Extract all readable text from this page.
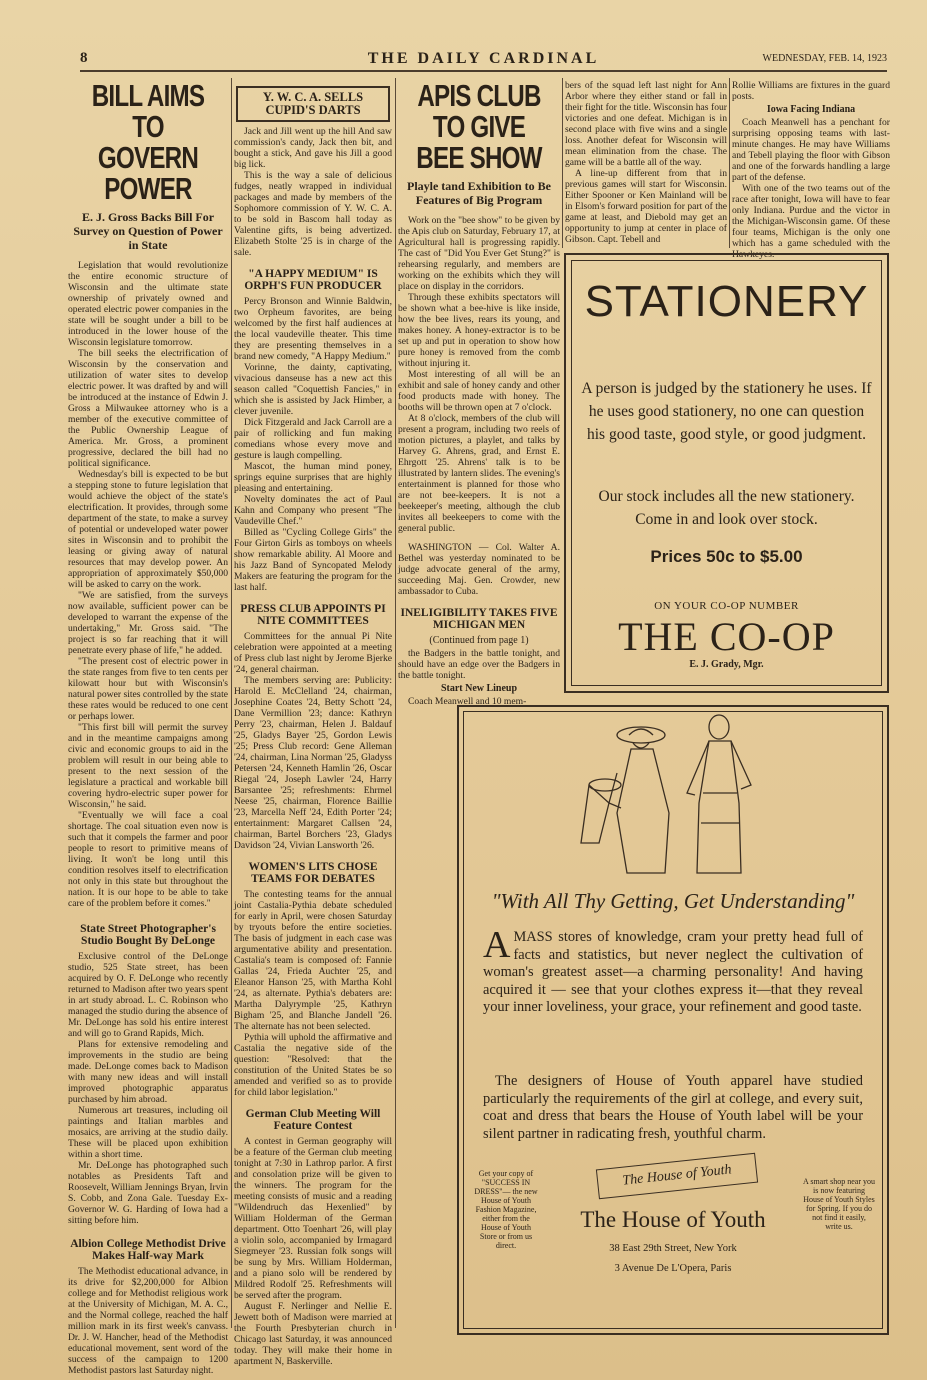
8	THE DAILY CARDINAL	WEDNESDAY, FEB. 14, 1923
BILL AIMS TO GOVERN POWER
E. J. Gross Backs Bill For Survey on Question of Power in State

Legislation that would revolutionize the entire economic structure of Wisconsin and the ultimate state ownership of privately owned and operated electric power companies in the state will be sought under a bill to be introduced in the lower house of the Wisconsin legislature tomorrow.

The bill seeks the electrification of Wisconsin by the conservation and utilization of water sites to develop electric power. It was drafted by and will be introduced at the instance of Edwin J. Gross a Milwaukee attorney who is a member of the executive committee of the Public Ownership League of America. Mr. Gross, a prominent progressive, declared the bill had no political significance.

Wednesday's bill is expected to be but a stepping stone to future legislation that would achieve the object of the state's electrification. It provides, through some department of the state, to make a survey of potential or undeveloped water power sites in Wisconsin and to prohibit the leasing or giving away of natural resources that may develop power. An appropriation of approximately $50,000 will be asked to carry on the work.

"We are satisfied, from the surveys now available, sufficient power can be developed to warrant the expense of the undertaking," Mr. Gross said. "The project is so far reaching that it will penetrate every phase of life," he added.

"The present cost of electric power in the state ranges from five to ten cents per kilowatt hour but with Wisconsin's natural power sites controlled by the state these rates would be reduced to one cent or perhaps lower.

"This first bill will permit the survey and in the meantime campaigns among civic and economic groups to aid in the problem will result in our being able to present to the next session of the legislature a practical and workable bill covering hydro-electric super power for Wisconsin," he said.

"Eventually we will face a coal shortage. The coal situation even now is such that it compels the farmer and poor people to resort to primitive means of living. It won't be long until this condition resolves itself to electrification not only in this state but throughout the nation. It is our hope to be able to take care of the problem before it comes."

State Street Photographer's Studio Bought By DeLonge

Exclusive control of the DeLonge studio, 525 State street, has been acquired by O. F. DeLonge who recently returned to Madison after two years spent in art study abroad. L. C. Robinson who managed the studio during the absence of Mr. DeLonge has sold his entire interest and will go to Grand Rapids, Mich.

Plans for extensive remodeling and improvements in the studio are being made. DeLonge comes back to Madison with many new ideas and will install improved photographic apparatus purchased by him abroad.

Numerous art treasures, including oil paintings and Italian marbles and mosaics, are arriving at the studio daily. These will be placed upon exhibition within a short time.

Mr. DeLonge has photographed such notables as Presidents Taft and Roosevelt, William Jennings Bryan, Irvin S. Cobb, and Zona Gale. Tuesday Ex-Governor W. G. Harding of Iowa had a sitting before him.

Albion College Methodist Drive Makes Half-way Mark

The Methodist educational advance, in its drive for $2,200,000 for Albion college and for Methodist religious work at the University of Michigan, M. A. C., and the Normal college, reached the half million mark in its first week's canvass. Dr. J. W. Hancher, head of the Methodist educational movement, sent word of the success of the campaign to 1200 Methodist pastors last Saturday night.

Y. W. C. A. SELLS CUPID'S DARTS

Jack and Jill went up the hill And saw commission's candy, Jack then bit, and bought a stick, And gave his Jill a good big lick.

This is the way a sale of delicious fudges, neatly wrapped in individual packages and made by members of the Sophomore commission of Y. W. C. A. to be sold in Bascom hall today as Valentine gifts, is being advertized. Elizabeth Stolte '25 is in charge of the sale.

"A HAPPY MEDIUM" IS ORPH'S FUN PRODUCER

Percy Bronson and Winnie Baldwin, two Orpheum favorites, are being welcomed by the first half audiences at the local vaudeville theater. This time they are presenting themselves in a brand new comedy, "A Happy Medium."

Vorinne, the dainty, captivating, vivacious danseuse has a new act this season called "Coquettish Fancies," in which she is assisted by Jack Himber, a clever juvenile.

Dick Fitzgerald and Jack Carroll are a pair of rollicking and fun making comedians whose every move and gesture is laugh compelling.

Mascot, the human mind poney, springs equine surprises that are highly pleasing and entertaining.

Novelty dominates the act of Paul Kahn and Company who present "The Vaudeville Chef."

Billed as "Cycling College Girls" the Four Girton Girls as tomboys on wheels show remarkable ability. Al Moore and his Jazz Band of Syncopated Melody Makers are featuring the program for the last half.

PRESS CLUB APPOINTS PI NITE COMMITTEES

Committees for the annual Pi Nite celebration were appointed at a meeting of Press club last night by Jerome Bjerke '24, general chairman.

The members serving are: Publicity: Harold E. McClelland '24, chairman, Josephine Coates '24, Betty Schott '24, Dane Vermillion '23; dance: Kathryn Perry '23, chairman, Helen J. Baldauf '25, Gladys Bayer '25, Gordon Lewis '25; Press Club record: Gene Alleman '24, chairman, Lina Norman '25, Gladyss Petersen '24, Kenneth Hamlin '26, Oscar Riegal '24, Joseph Lawler '24, Harry Barsantee '25; refreshments: Ehrmel Neese '25, chairman, Florence Baillie '23, Marcella Neff '24, Edith Porter '24; entertainment: Margaret Callsen '24, chairman, Bartel Borchers '23, Gladys Davidson '24, Vivian Lansworth '26.

WOMEN'S LITS CHOSE TEAMS FOR DEBATES

The contesting teams for the annual joint Castalia-Pythia debate scheduled for early in April, were chosen Saturday by tryouts before the entire societies. The basis of judgment in each case was argumentative ability and presentation. Castalia's team is composed of: Fannie Gallas '24, Frieda Auchter '25, and Eleanor Hanson '25, with Martha Kohl '24, as alternate. Pythia's debaters are: Martha Dalyrymple '25, Kathryn Bigham '25, and Blanche Jandell '26. The alternate has not been selected.

Pythia will uphold the affirmative and Castalia the negative side of the question: "Resolved: that the constitution of the United States be so amended and verified so as to provide for child labor legislation."

German Club Meeting Will Feature Contest

A contest in German geography will be a feature of the German club meeting tonight at 7:30 in Lathrop parlor. A first and consolation prize will be given to the winners. The program for the meeting consists of music and a reading "Wildendruch das Hexenlied" by William Holderman of the German department. Otto Toenhart '26, will play a violin solo, accompanied by Irmagard Siegmeyer '23. Russian folk songs will be sung by Mrs. William Holderman, and a piano solo will be rendered by Mildred Rodolf '25. Refreshments will be served after the program.

August F. Nerlinger and Nellie E. Jewett both of Madison were married at the Fourth Presbyterian church in Chicago last Saturday, it was announced today. They will make their home in apartment N, Baskerville.

APIS CLUB TO GIVE BEE SHOW
Playle tand Exhibition to Be Features of Big Program

Work on the "bee show" to be given by the Apis club on Saturday, February 17, at Agricultural hall is progressing rapidly. The cast of "Did You Ever Get Stung?" is rehearsing regularly, and members are working on the exhibits which they will place on display in the corridors.

Through these exhibits spectators will be shown what a bee-hive is like inside, how the bee lives, rears its young, and makes honey. A honey-extractor is to be set up and put in operation to show how pure honey is removed from the comb without injuring it.

Most interesting of all will be an exhibit and sale of honey candy and other food products made with honey. The booths will be thrown open at 7 o'clock.

At 8 o'clock, members of the club will present a program, including two reels of motion pictures, a playlet, and talks by Harvey G. Ahrens, grad, and Ernst E. Ehrgott '25. Ahrens' talk is to be illustrated by lantern slides. The evening's entertainment is planned for those who are not bee-keepers. It is not a beekeeper's meeting, although the club invites all beekeepers to come with the general public.

WASHINGTON — Col. Walter A. Bethel was yesterday nominated to be judge advocate general of the army, succeeding Maj. Gen. Crowder, new ambassador to Cuba.

INELIGIBILITY TAKES FIVE MICHIGAN MEN
(Continued from page 1)

the Badgers in the battle tonight, and should have an edge over the Badgers in the battle tonight.

Start New Lineup

Coach Meanwell and 10 mem-

bers of the squad left last night for Ann Arbor where they either stand or fall in their fight for the title. Wisconsin has four victories and one defeat. Michigan is in second place with five wins and a single loss. Another defeat for Wisconsin will mean elimination from the chase. The game will be a battle all of the way.

A line-up different from that in previous games will start for Wisconsin. Either Spooner or Ken Mainland will be in Elsom's forward position for part of the game at least, and Diebold may get an opportunity to jump at center in place of Gibson. Capt. Tebell and

Rollie Williams are fixtures in the guard posts.

Iowa Facing Indiana

Coach Meanwell has a penchant for surprising opposing teams with last-minute changes. He may have Williams and Tebell playing the floor with Gibson and one of the forwards handling a large part of the defense.

With one of the two teams out of the race after tonight, Iowa will have to fear only Indiana. Purdue and the victor in the Michigan-Wisconsin game. Of these four teams, Michigan is the only one which has a game scheduled with the Hawkeyes.

STATIONERY
A person is judged by the stationery he uses. If he uses good stationery, no one can question his good taste, good style, or good judgment.
Our stock includes all the new stationery. Come in and look over stock.
Prices 50c to $5.00
ON YOUR CO-OP NUMBER
THE CO-OP
E. J. Grady, Mgr.
"With All Thy Getting, Get Understanding"
AMASS stores of knowledge, cram your pretty head full of facts and statistics, but never neglect the cultivation of woman's greatest asset—a charming personality! And having acquired it — see that your clothes express it—that they reveal your inner loveliness, your grace, your refinement and good taste.
The designers of House of Youth apparel have studied particularly the requirements of the girl at college, and every suit, coat and dress that bears the House of Youth label will be your silent partner in radicating fresh, youthful charm.
The House of Youth
Get your copy of "SUCCESS IN DRESS"— the new House of Youth Fashion Magazine, either from the House of Youth Store or from us direct.
A smart shop near you is now featuring House of Youth Styles for Spring. If you do not find it easily, write us.
The House of Youth
38 East 29th Street, New York
3 Avenue De L'Opera, Paris
